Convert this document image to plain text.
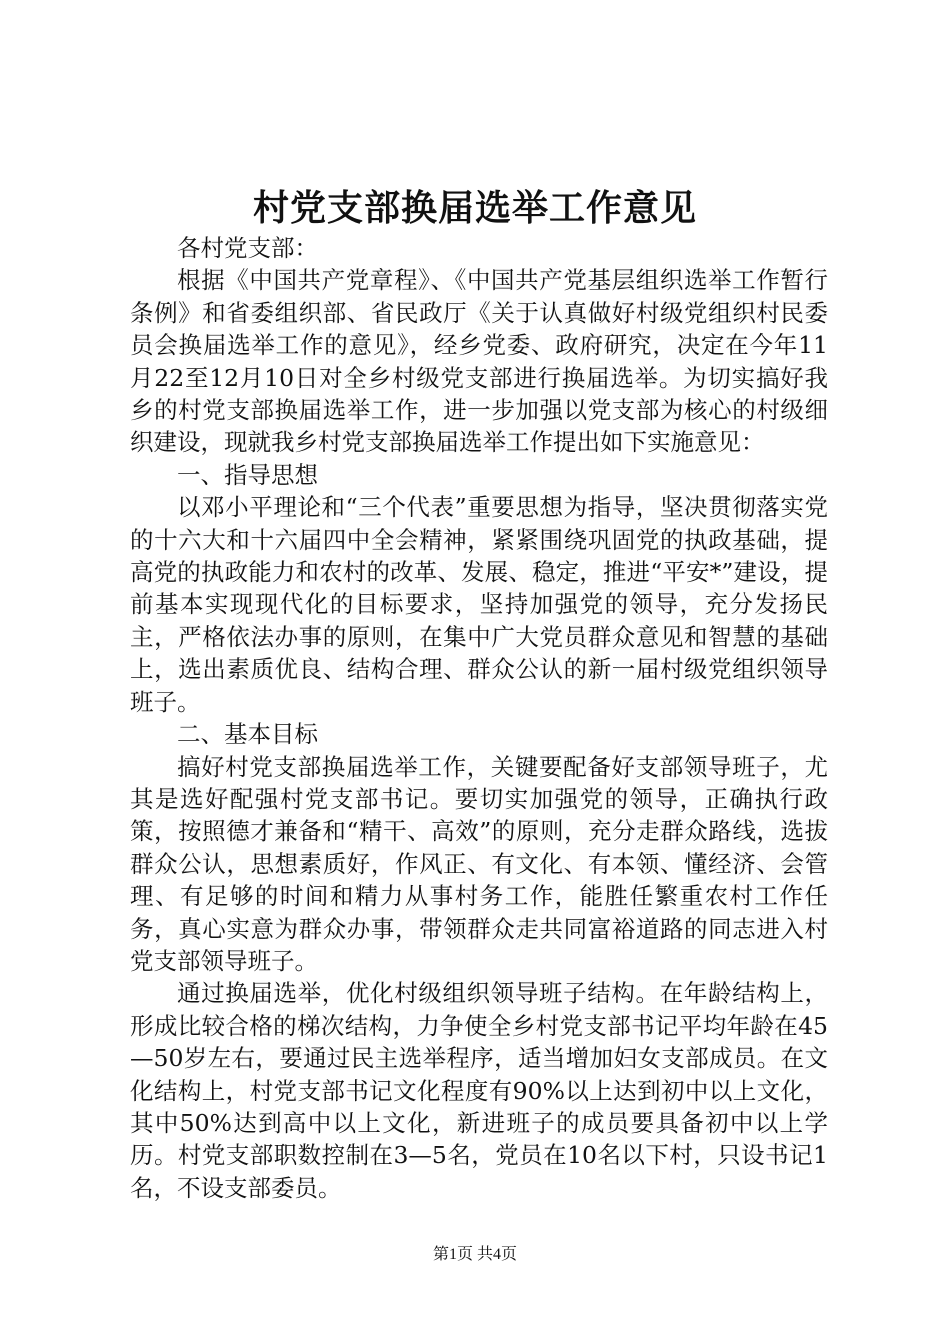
村党支部换届选举工作意见

各村党支部：

根据《中国共产党章程》、《中国共产党基层组织选举工作暂行条例》和省委组织部、省民政厅《关于认真做好村级党组织村民委员会换届选举工作的意见》，经乡党委、政府研究，决定在今年11月22至12月10日对全乡村级党支部进行换届选举。为切实搞好我乡的村党支部换届选举工作，进一步加强以党支部为核心的村级细织建设，现就我乡村党支部换届选举工作提出如下实施意见：

一、指导思想

以邓小平理论和“三个代表”重要思想为指导，坚决贯彻落实党的十六大和十六届四中全会精神，紧紧围绕巩固党的执政基础，提高党的执政能力和农村的改革、发展、稳定，推进“平安*”建设，提前基本实现现代化的目标要求，坚持加强党的领导，充分发扬民主，严格依法办事的原则，在集中广大党员群众意见和智慧的基础上，选出素质优良、结构合理、群众公认的新一届村级党组织领导班子。

二、基本目标

搞好村党支部换届选举工作，关键要配备好支部领导班子，尤其是选好配强村党支部书记。要切实加强党的领导，正确执行政策，按照德才兼备和“精干、高效”的原则，充分走群众路线，选拔群众公认，思想素质好，作风正、有文化、有本领、懂经济、会管理、有足够的时间和精力从事村务工作，能胜任繁重农村工作任务，真心实意为群众办事，带领群众走共同富裕道路的同志进入村党支部领导班子。

通过换届选举，优化村级组织领导班子结构。在年龄结构上，形成比较合格的梯次结构，力争使全乡村党支部书记平均年龄在45—50岁左右，要通过民主选举程序，适当增加妇女支部成员。在文化结构上，村党支部书记文化程度有90%以上达到初中以上文化，其中50%达到高中以上文化，新进班子的成员要具备初中以上学历。村党支部职数控制在3—5名，党员在10名以下村，只设书记1名，不设支部委员。

第1页 共4页
